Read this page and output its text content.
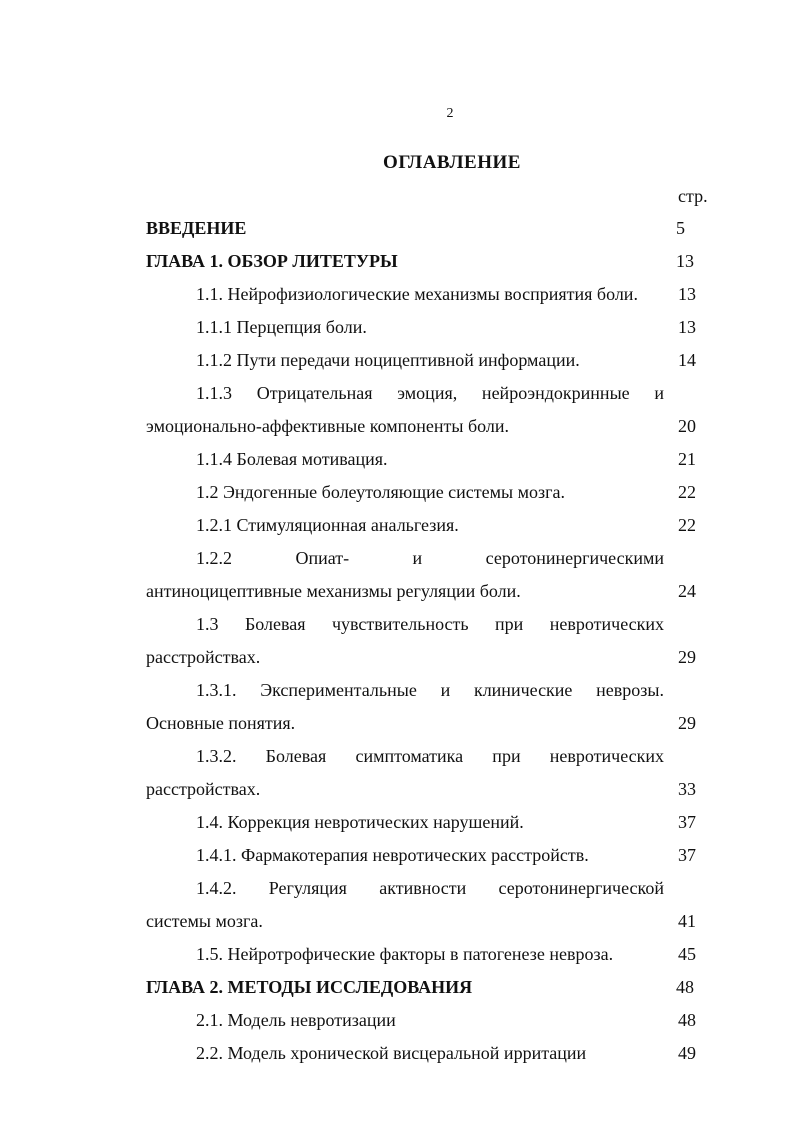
2
ОГЛАВЛЕНИЕ
стр.
ВВЕДЕНИЕ	5
ГЛАВА 1. ОБЗОР ЛИТЕТУРЫ	13
1.1. Нейрофизиологические механизмы восприятия боли. 13
1.1.1 Перцепция боли.	13
1.1.2 Пути передачи ноцицептивной информации.	14
1.1.3 Отрицательная эмоция, нейроэндокринные и
эмоционально-аффективные компоненты боли.	20
1.1.4 Болевая мотивация.	21
1.2 Эндогенные болеутоляющие системы мозга.	22
1.2.1 Стимуляционная анальгезия.	22
1.2.2 Опиат- и серотонинергическими
антиноцицептивные механизмы регуляции боли.	24
1.3 Болевая чувствительность при невротических
расстройствах.	29
1.3.1. Экспериментальные и клинические неврозы.
Основные понятия.	29
1.3.2. Болевая симптоматика при невротических
расстройствах.	33
1.4. Коррекция невротических нарушений.	37
1.4.1. Фармакотерапия невротических расстройств.	37
1.4.2. Регуляция активности серотонинергической
системы мозга.	41
1.5. Нейротрофические факторы в патогенезе невроза.	45
ГЛАВА 2. МЕТОДЫ ИССЛЕДОВАНИЯ	48
2.1. Модель невротизации	48
2.2. Модель хронической висцеральной ирритации	49
